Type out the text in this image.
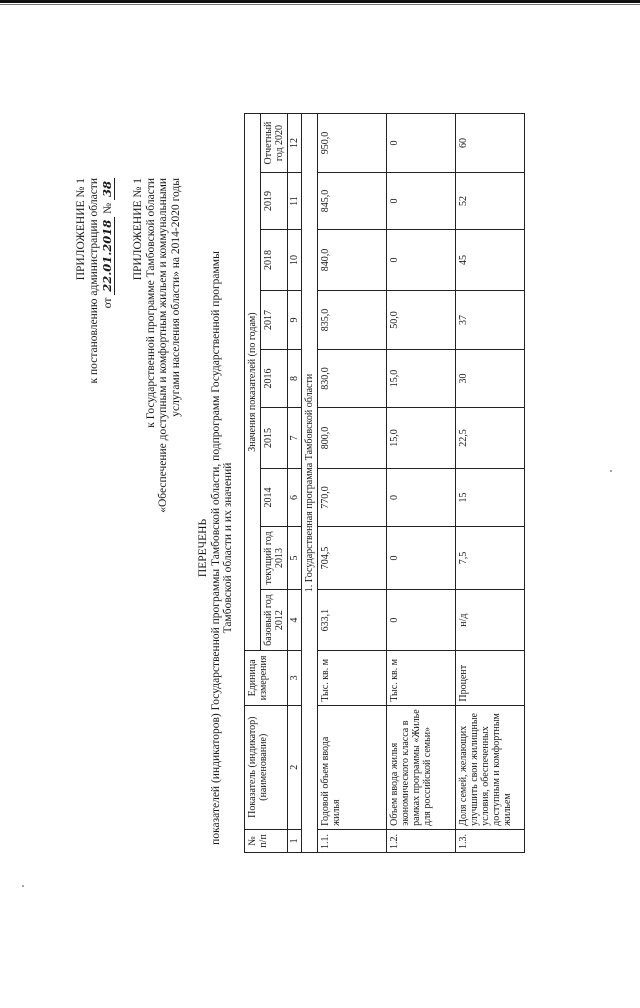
ПРИЛОЖЕНИЕ № 1 к постановлению администрации области от 22.01.2018 № 38 ПРИЛОЖЕНИЕ № 1 к Государственной программе Тамбовской области «Обеспечение доступным и комфортным жильем и коммунальными услугами населения области» на 2014-2020 годы
ПЕРЕЧЕНЬ показателей (индикаторов) Государственной программы Тамбовской области, подпрограмм Государственной программы Тамбовской области и их значений
№ п/п	Показатель (индикатор) (наименование)	Единица измерения	Значения показателей (по годам)								
			базовый год 2012	текущий год 2013	2014	2015	2016	2017	2018	2019	Отчетный год 2020
1	2	3	4	5	6	7	8	9	10	11	12
1. Государственная программа Тамбовской области											
1.1.	Годовой объем ввода жилья	Тыс. кв. м	633,1	704,5	770,0	800,0	830,0	835,0	840,0	845,0	950,0
1.2.	Объем ввода жилья экономического класса в рамках программы «Жилье для российской семьи»	Тыс. кв. м	0	0	0	15,0	15,0	50,0	0	0	0
1.3.	Доля семей, желающих улучшить свои жилищные условия, обеспеченных доступным и комфортным жильем	Процент	н/д	7,5	15	22,5	30	37	45	52	60
